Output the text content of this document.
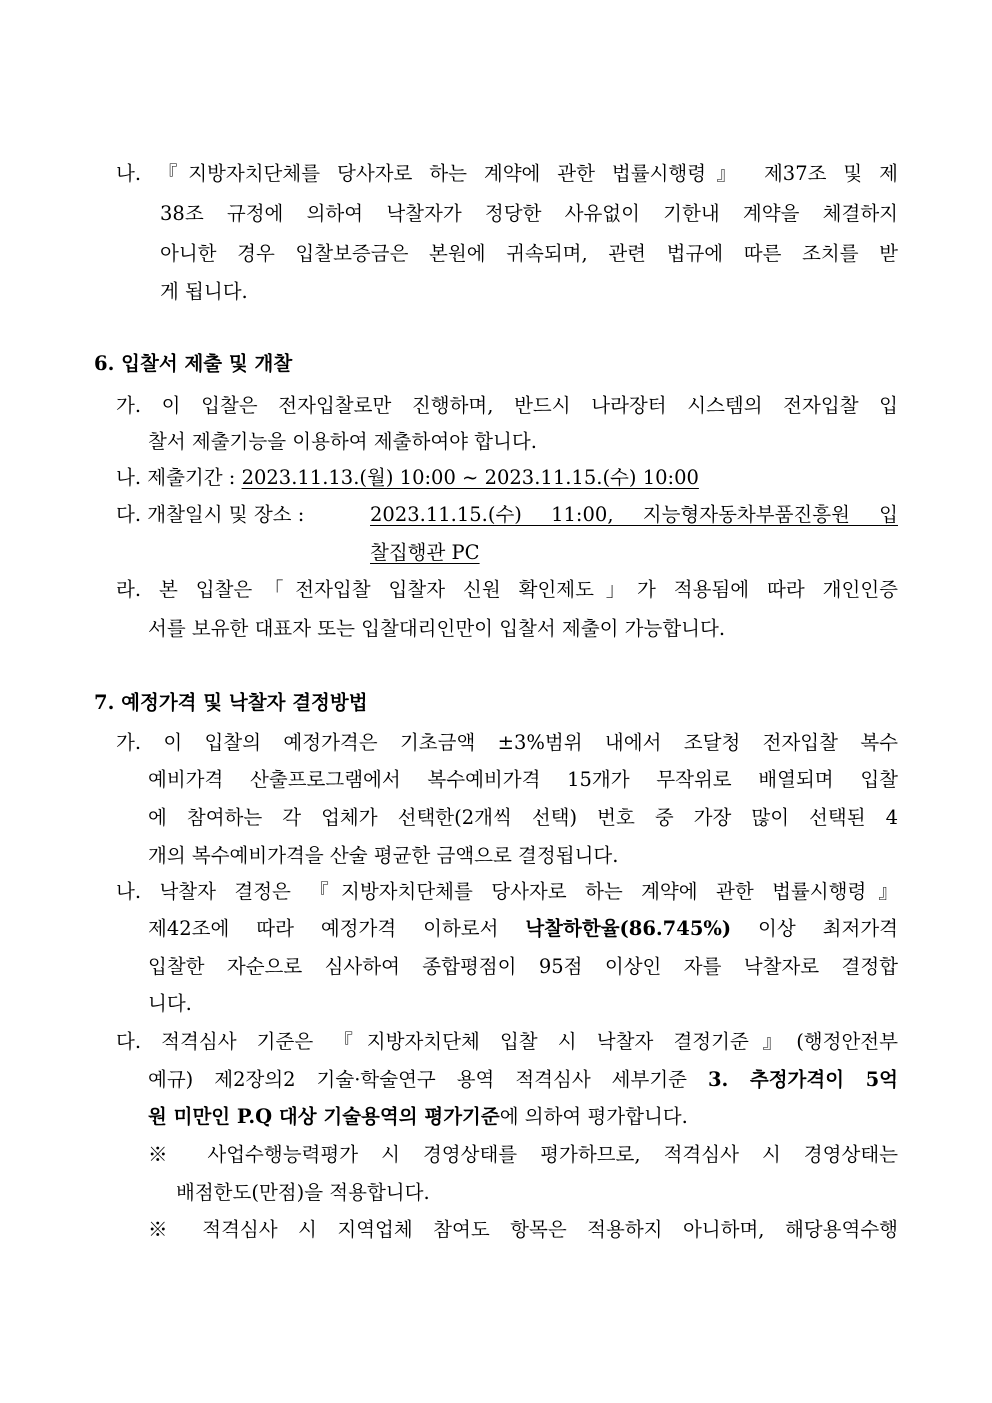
나. 『지방자치단체를 당사자로 하는 계약에 관한 법률시행령』 제37조 및 제
38조 규정에 의하여 낙찰자가 정당한 사유없이 기한내 계약을 체결하지
아니한 경우 입찰보증금은 본원에 귀속되며, 관련 법규에 따른 조치를 받
게 됩니다.
6. 입찰서 제출 및 개찰
가. 이 입찰은 전자입찰로만 진행하며, 반드시 나라장터 시스템의 전자입찰 입
찰서 제출기능을 이용하여 제출하여야 합니다.
나. 제출기간 : 2023.11.13.(월) 10:00 ~ 2023.11.15.(수) 10:00
다. 개찰일시 및 장소 :	2023.11.15.(수) 11:00, 지능형자동차부품진흥원 입
찰집행관 PC
라. 본 입찰은「전자입찰 입찰자 신원 확인제도」가 적용됨에 따라 개인인증
서를 보유한 대표자 또는 입찰대리인만이 입찰서 제출이 가능합니다.
7. 예정가격 및 낙찰자 결정방법
가. 이 입찰의 예정가격은 기초금액 ±3%범위 내에서 조달청 전자입찰 복수
예비가격 산출프로그램에서 복수예비가격 15개가 무작위로 배열되며 입찰
에 참여하는 각 업체가 선택한(2개씩 선택) 번호 중 가장 많이 선택된 4
개의 복수예비가격을 산술 평균한 금액으로 결정됩니다.
나. 낙찰자 결정은 『지방자치단체를 당사자로 하는 계약에 관한 법률시행령』
제42조에 따라 예정가격 이하로서 낙찰하한율(86.745%) 이상 최저가격
입찰한 자순으로 심사하여 종합평점이 95점 이상인 자를 낙찰자로 결정합
니다.
다. 적격심사 기준은 『지방자치단체 입찰 시 낙찰자 결정기준』(행정안전부
예규) 제2장의2 기술·학술연구 용역 적격심사 세부기준 3. 추정가격이 5억
원 미만인 P.Q 대상 기술용역의 평가기준에 의하여 평가합니다.
※ 사업수행능력평가 시 경영상태를 평가하므로, 적격심사 시 경영상태는
배점한도(만점)을 적용합니다.
※ 적격심사 시 지역업체 참여도 항목은 적용하지 아니하며, 해당용역수행
